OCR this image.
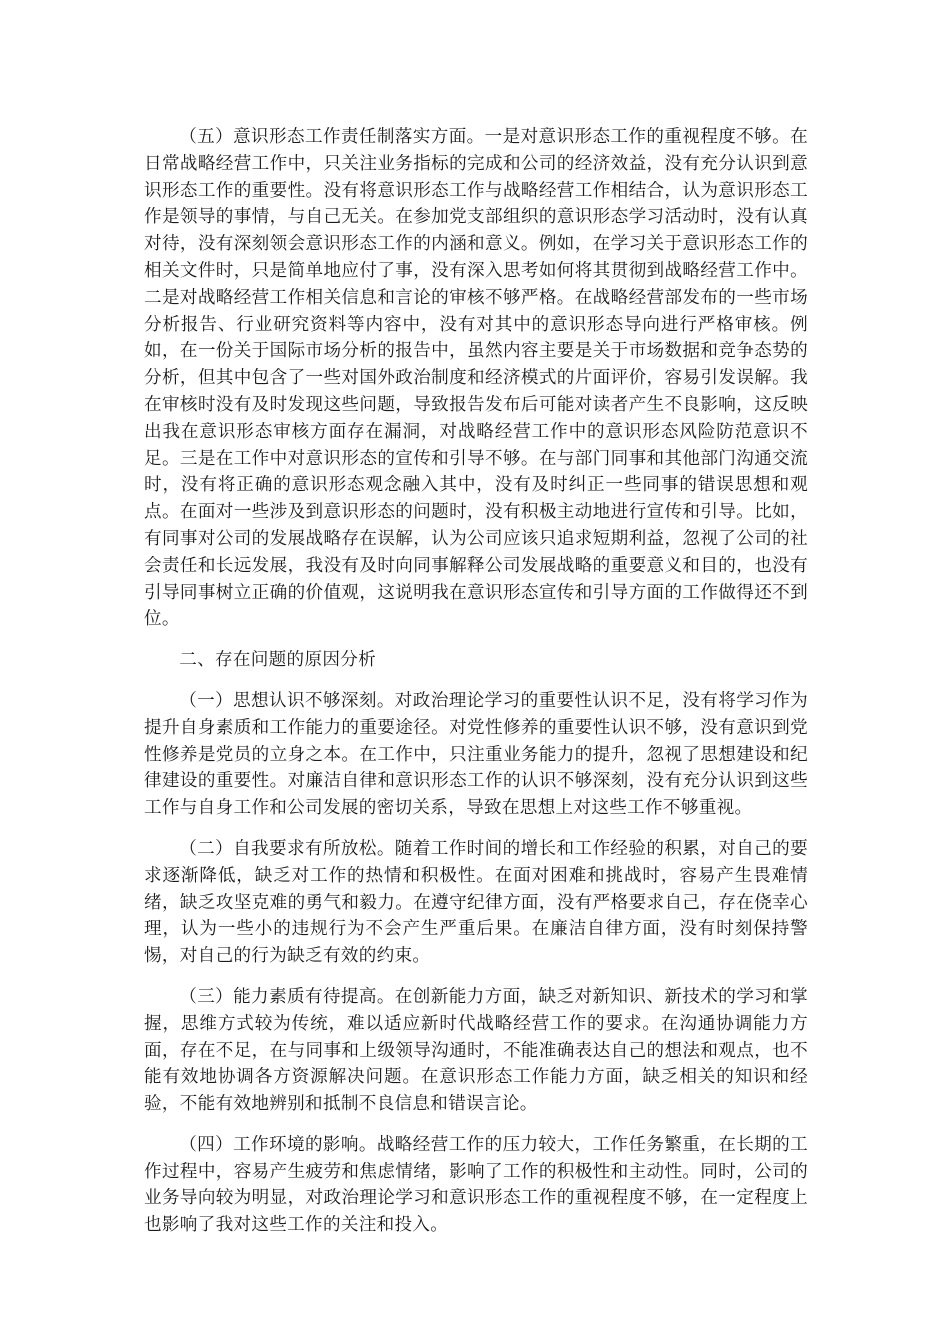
（五）意识形态工作责任制落实方面。一是对意识形态工作的重视程度不够。在日常战略经营工作中，只关注业务指标的完成和公司的经济效益，没有充分认识到意识形态工作的重要性。没有将意识形态工作与战略经营工作相结合，认为意识形态工作是领导的事情，与自己无关。在参加党支部组织的意识形态学习活动时，没有认真对待，没有深刻领会意识形态工作的内涵和意义。例如，在学习关于意识形态工作的相关文件时，只是简单地应付了事，没有深入思考如何将其贯彻到战略经营工作中。二是对战略经营工作相关信息和言论的审核不够严格。在战略经营部发布的一些市场分析报告、行业研究资料等内容中，没有对其中的意识形态导向进行严格审核。例如，在一份关于国际市场分析的报告中，虽然内容主要是关于市场数据和竞争态势的分析，但其中包含了一些对国外政治制度和经济模式的片面评价，容易引发误解。我在审核时没有及时发现这些问题，导致报告发布后可能对读者产生不良影响，这反映出我在意识形态审核方面存在漏洞，对战略经营工作中的意识形态风险防范意识不足。三是在工作中对意识形态的宣传和引导不够。在与部门同事和其他部门沟通交流时，没有将正确的意识形态观念融入其中，没有及时纠正一些同事的错误思想和观点。在面对一些涉及到意识形态的问题时，没有积极主动地进行宣传和引导。比如，有同事对公司的发展战略存在误解，认为公司应该只追求短期利益，忽视了公司的社会责任和长远发展，我没有及时向同事解释公司发展战略的重要意义和目的，也没有引导同事树立正确的价值观，这说明我在意识形态宣传和引导方面的工作做得还不到位。

二、存在问题的原因分析

（一）思想认识不够深刻。对政治理论学习的重要性认识不足，没有将学习作为提升自身素质和工作能力的重要途径。对党性修养的重要性认识不够，没有意识到党性修养是党员的立身之本。在工作中，只注重业务能力的提升，忽视了思想建设和纪律建设的重要性。对廉洁自律和意识形态工作的认识不够深刻，没有充分认识到这些工作与自身工作和公司发展的密切关系，导致在思想上对这些工作不够重视。

（二）自我要求有所放松。随着工作时间的增长和工作经验的积累，对自己的要求逐渐降低，缺乏对工作的热情和积极性。在面对困难和挑战时，容易产生畏难情绪，缺乏攻坚克难的勇气和毅力。在遵守纪律方面，没有严格要求自己，存在侥幸心理，认为一些小的违规行为不会产生严重后果。在廉洁自律方面，没有时刻保持警惕，对自己的行为缺乏有效的约束。

（三）能力素质有待提高。在创新能力方面，缺乏对新知识、新技术的学习和掌握，思维方式较为传统，难以适应新时代战略经营工作的要求。在沟通协调能力方面，存在不足，在与同事和上级领导沟通时，不能准确表达自己的想法和观点，也不能有效地协调各方资源解决问题。在意识形态工作能力方面，缺乏相关的知识和经验，不能有效地辨别和抵制不良信息和错误言论。

（四）工作环境的影响。战略经营工作的压力较大，工作任务繁重，在长期的工作过程中，容易产生疲劳和焦虑情绪，影响了工作的积极性和主动性。同时，公司的业务导向较为明显，对政治理论学习和意识形态工作的重视程度不够，在一定程度上也影响了我对这些工作的关注和投入。
